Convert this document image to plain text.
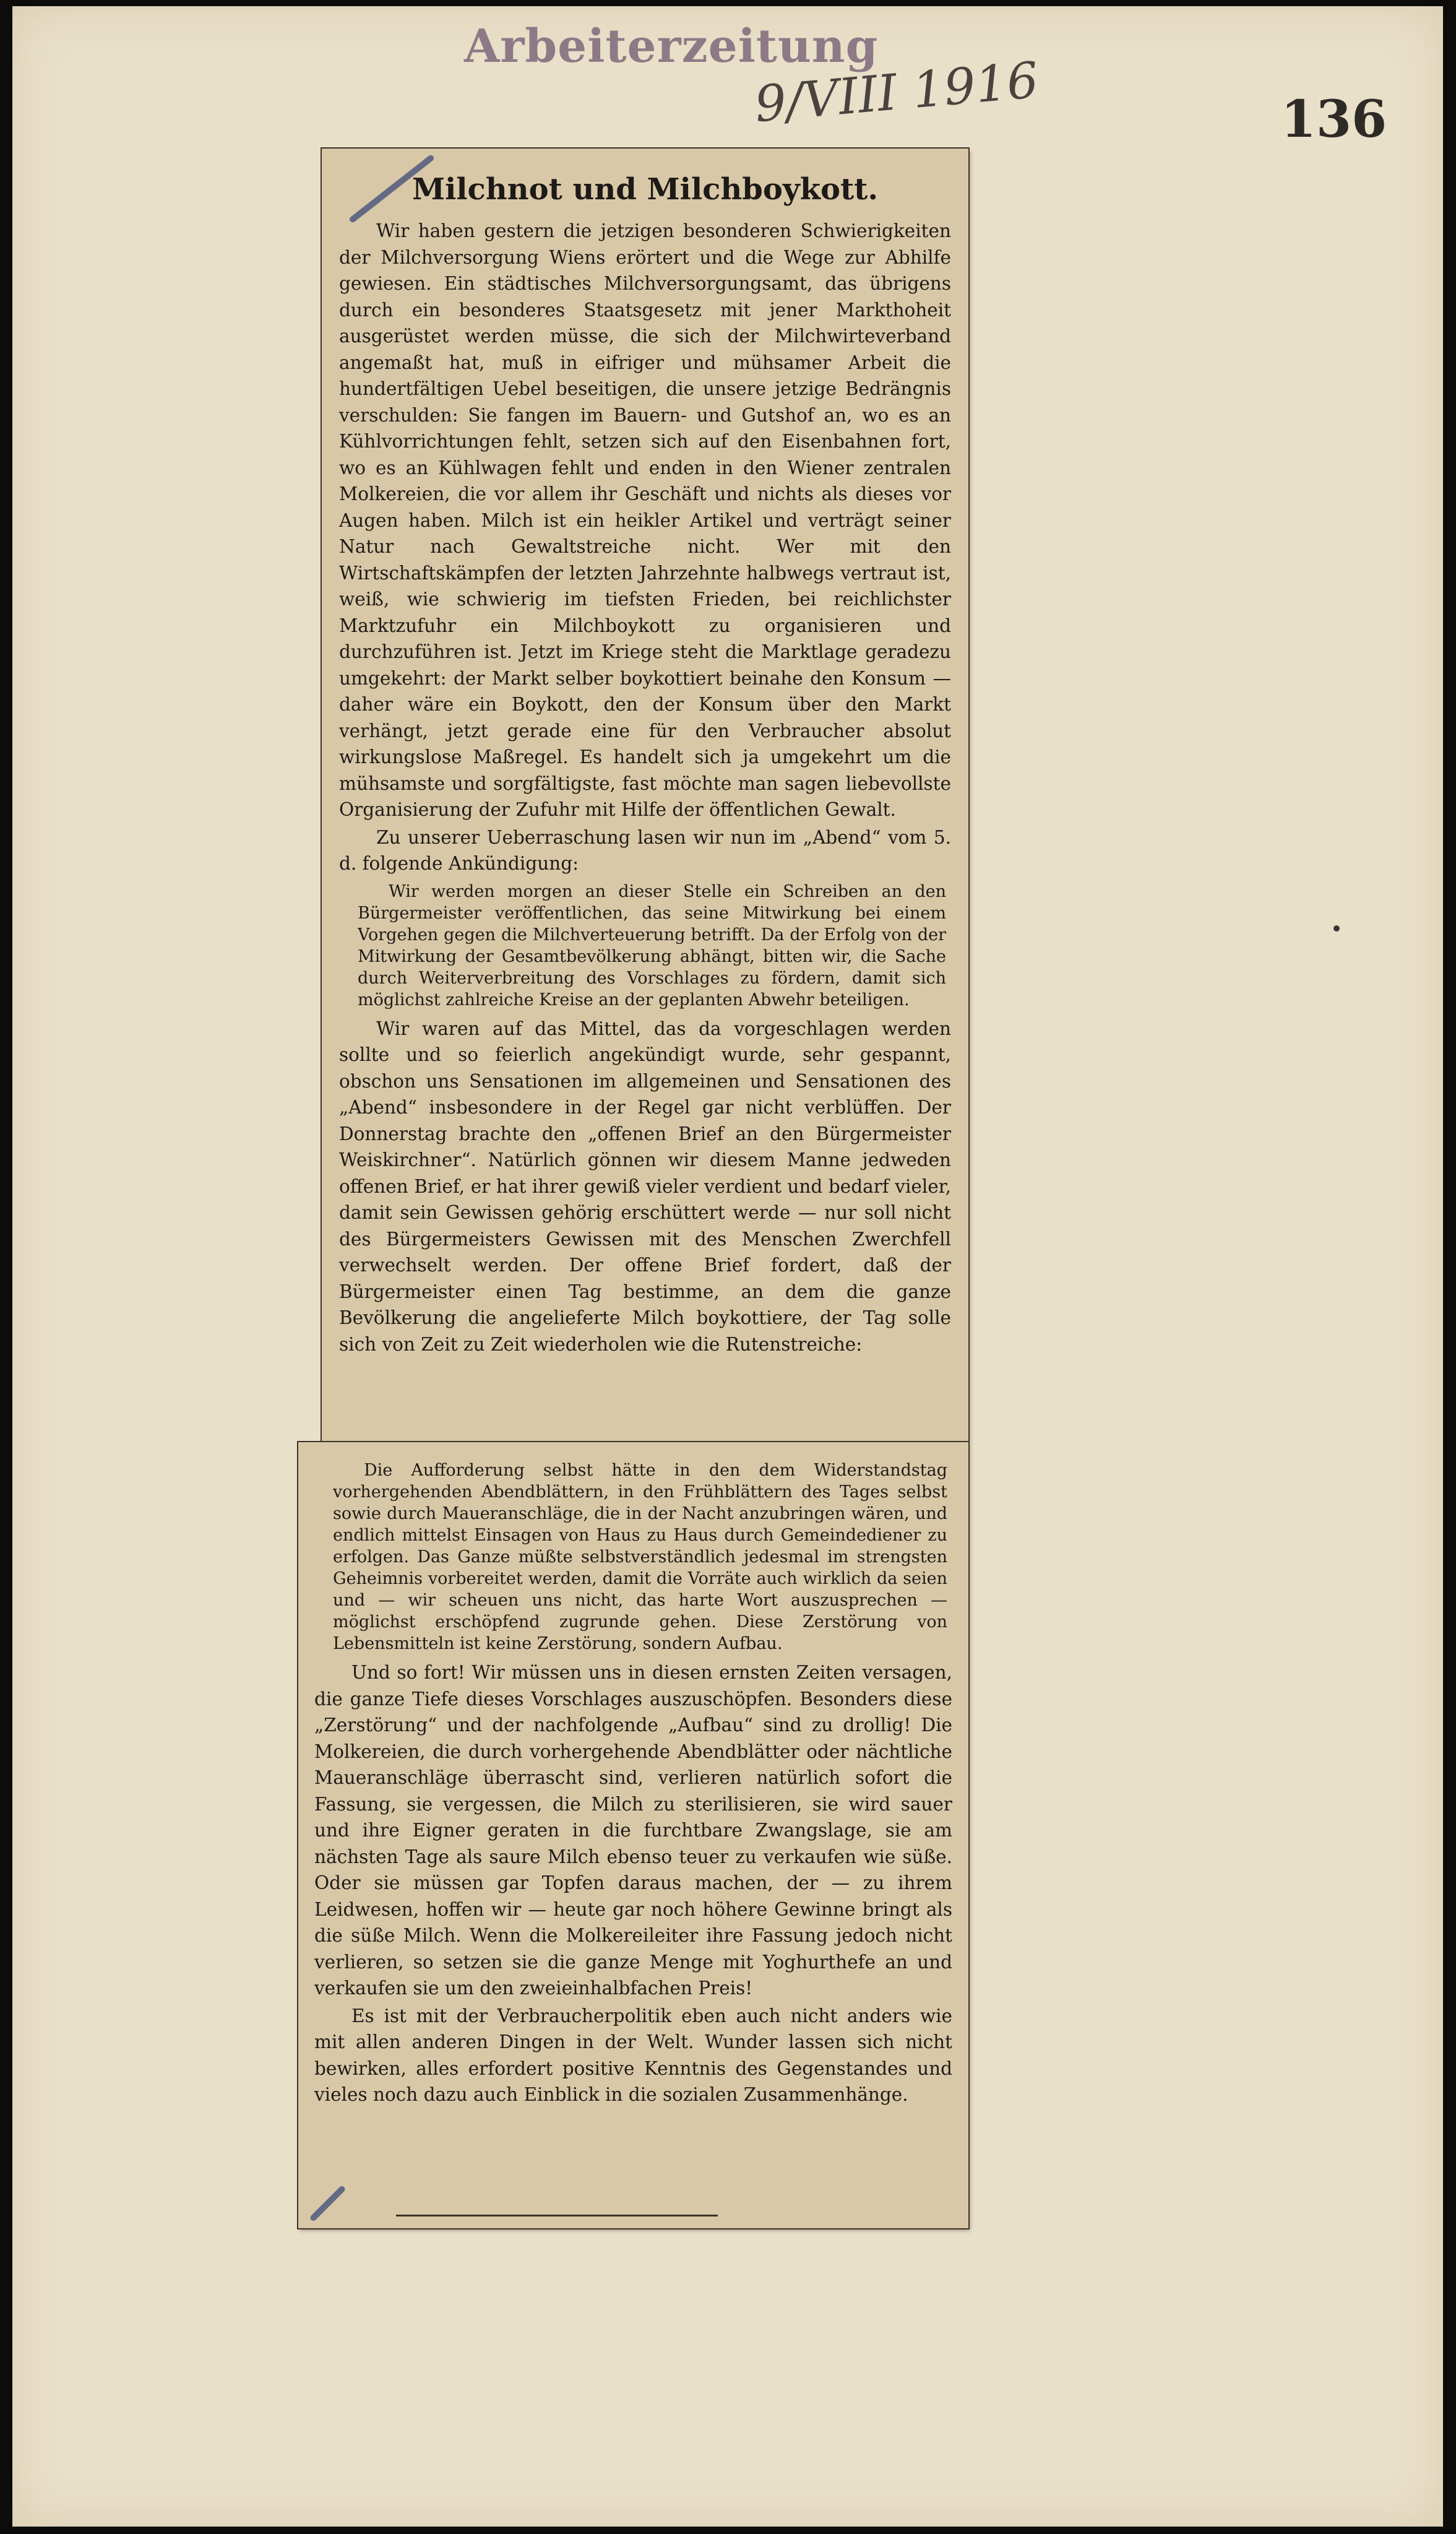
Arbeiterzeitung
9/VIII 1916	136
Milchnot und Milchboykott.

Wir haben gestern die jetzigen besonderen Schwierigkeiten der Milchversorgung Wiens erörtert und die Wege zur Abhilfe gewiesen. Ein städtisches Milchversorgungsamt, das übrigens durch ein besonderes Staatsgesetz mit jener Markthoheit ausgerüstet werden müsse, die sich der Milchwirteverband angemaßt hat, muß in eifriger und mühsamer Arbeit die hundertfältigen Uebel beseitigen, die unsere jetzige Bedrängnis verschulden: Sie fangen im Bauern- und Gutshof an, wo es an Kühlvorrichtungen fehlt, setzen sich auf den Eisenbahnen fort, wo es an Kühlwagen fehlt und enden in den Wiener zentralen Molkereien, die vor allem ihr Geschäft und nichts als dieses vor Augen haben. Milch ist ein heikler Artikel und verträgt seiner Natur nach Gewaltstreiche nicht. Wer mit den Wirtschaftskämpfen der letzten Jahrzehnte halbwegs vertraut ist, weiß, wie schwierig im tiefsten Frieden, bei reichlichster Marktzufuhr ein Milchboykott zu organisieren und durchzuführen ist. Jetzt im Kriege steht die Marktlage geradezu umgekehrt: der Markt selber boykottiert beinahe den Konsum — daher wäre ein Boykott, den der Konsum über den Markt verhängt, jetzt gerade eine für den Verbraucher absolut wirkungslose Maßregel. Es handelt sich ja umgekehrt um die mühsamste und sorgfältigste, fast möchte man sagen liebevollste Organisierung der Zufuhr mit Hilfe der öffentlichen Gewalt.

Zu unserer Ueberraschung lasen wir nun im „Abend“ vom 5. d. folgende Ankündigung:

Wir werden morgen an dieser Stelle ein Schreiben an den Bürgermeister veröffentlichen, das seine Mitwirkung bei einem Vorgehen gegen die Milchverteuerung betrifft. Da der Erfolg von der Mitwirkung der Gesamtbevölkerung abhängt, bitten wir, die Sache durch Weiterverbreitung des Vorschlages zu fördern, damit sich möglichst zahlreiche Kreise an der geplanten Abwehr beteiligen.

Wir waren auf das Mittel, das da vorgeschlagen werden sollte und so feierlich angekündigt wurde, sehr gespannt, obschon uns Sensationen im allgemeinen und Sensationen des „Abend“ insbesondere in der Regel gar nicht verblüffen. Der Donnerstag brachte den „offenen Brief an den Bürgermeister Weiskirchner“. Natürlich gönnen wir diesem Manne jedweden offenen Brief, er hat ihrer gewiß vieler verdient und bedarf vieler, damit sein Gewissen gehörig erschüttert werde — nur soll nicht des Bürgermeisters Gewissen mit des Menschen Zwerchfell verwechselt werden. Der offene Brief fordert, daß der Bürgermeister einen Tag bestimme, an dem die ganze Bevölkerung die angelieferte Milch boykottiere, der Tag solle sich von Zeit zu Zeit wiederholen wie die Rutenstreiche:

Die Aufforderung selbst hätte in den dem Widerstandstag vorhergehenden Abendblättern, in den Frühblättern des Tages selbst sowie durch Maueranschläge, die in der Nacht anzubringen wären, und endlich mittelst Einsagen von Haus zu Haus durch Gemeindediener zu erfolgen. Das Ganze müßte selbstverständlich jedesmal im strengsten Geheimnis vorbereitet werden, damit die Vorräte auch wirklich da seien und — wir scheuen uns nicht, das harte Wort auszusprechen — möglichst erschöpfend zugrunde gehen. Diese Zerstörung von Lebensmitteln ist keine Zerstörung, sondern Aufbau.

Und so fort! Wir müssen uns in diesen ernsten Zeiten versagen, die ganze Tiefe dieses Vorschlages auszuschöpfen. Besonders diese „Zerstörung“ und der nachfolgende „Aufbau“ sind zu drollig! Die Molkereien, die durch vorhergehende Abendblätter oder nächtliche Maueranschläge überrascht sind, verlieren natürlich sofort die Fassung, sie vergessen, die Milch zu sterilisieren, sie wird sauer und ihre Eigner geraten in die furchtbare Zwangslage, sie am nächsten Tage als saure Milch ebenso teuer zu verkaufen wie süße. Oder sie müssen gar Topfen daraus machen, der — zu ihrem Leidwesen, hoffen wir — heute gar noch höhere Gewinne bringt als die süße Milch. Wenn die Molkereileiter ihre Fassung jedoch nicht verlieren, so setzen sie die ganze Menge mit Yoghurthefe an und verkaufen sie um den zweieinhalbfachen Preis!

Es ist mit der Verbraucherpolitik eben auch nicht anders wie mit allen anderen Dingen in der Welt. Wunder lassen sich nicht bewirken, alles erfordert positive Kenntnis des Gegenstandes und vieles noch dazu auch Einblick in die sozialen Zusammenhänge.
